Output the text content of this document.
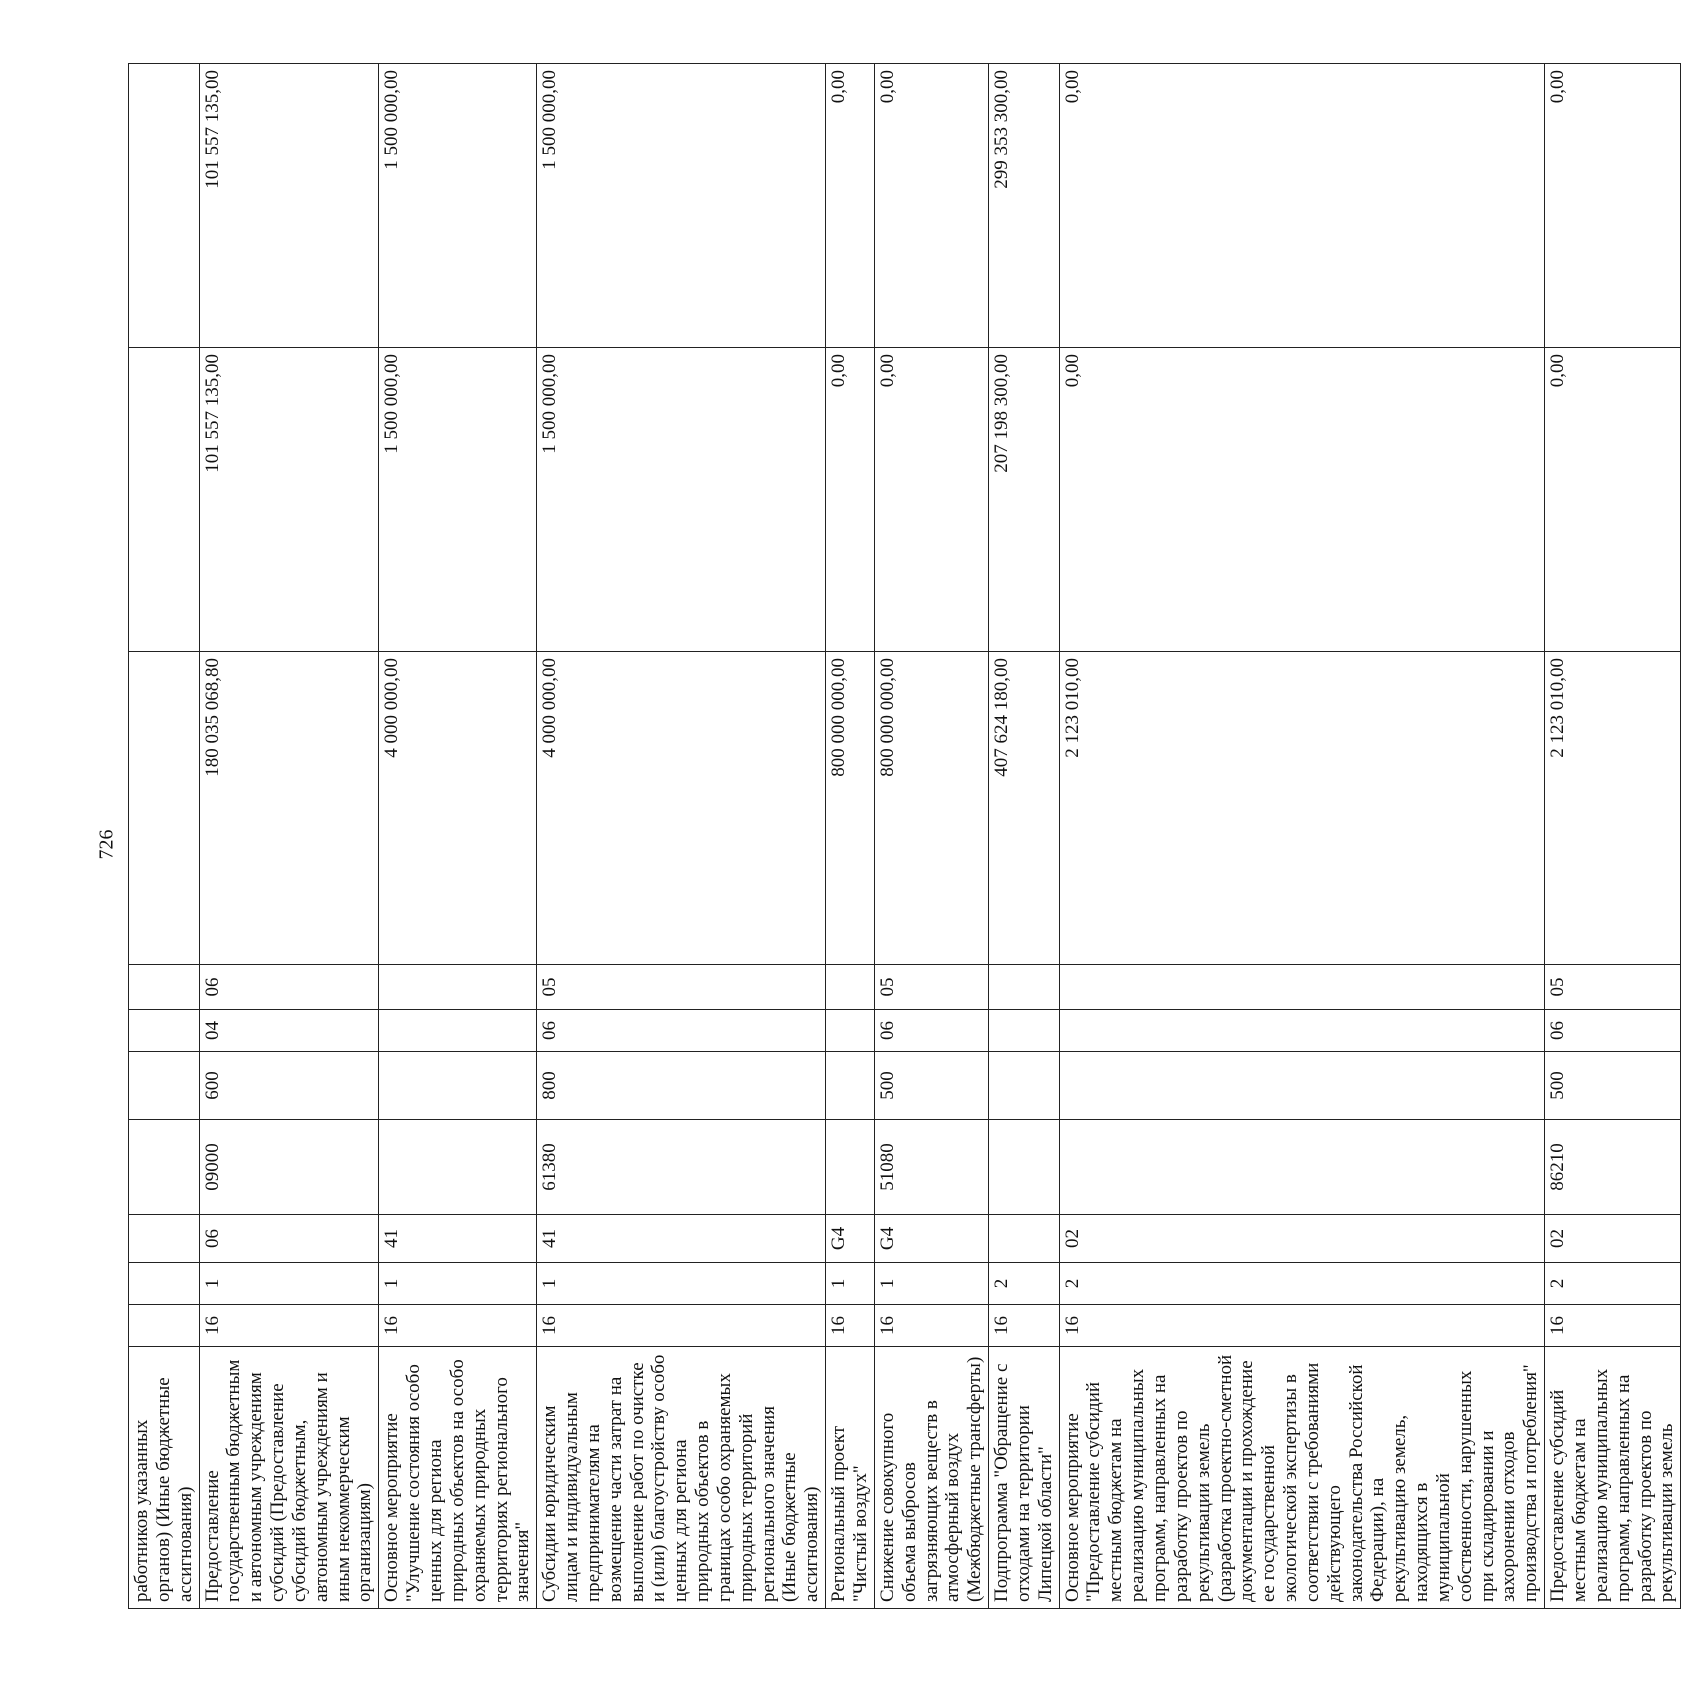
726
работников указанных органов) (Иные бюджетные ассигнования)										
Предоставление государственным бюджетным и автономным учреждениям субсидий (Предоставление субсидий бюджетным, автономным учреждениям и иным некоммерческим организациям)	16	1	06	09000	600	04	06	180 035 068,80	101 557 135,00	101 557 135,00
Основное мероприятие "Улучшение состояния особо ценных для региона природных объектов на особо охраняемых природных территориях регионального значения"	16	1	41					4 000 000,00	1 500 000,00	1 500 000,00
Субсидии юридическим лицам и индивидуальным предпринимателям на возмещение части затрат на выполнение работ по очистке и (или) благоустройству особо ценных для региона природных объектов в границах особо охраняемых природных территорий регионального значения (Иные бюджетные ассигнования)	16	1	41	61380	800	06	05	4 000 000,00	1 500 000,00	1 500 000,00
Региональный проект "Чистый воздух"	16	1	G4					800 000 000,00	0,00	0,00
Снижение совокупного объема выбросов загрязняющих веществ в атмосферный воздух (Межбюджетные трансферты)	16	1	G4	51080	500	06	05	800 000 000,00	0,00	0,00
Подпрограмма "Обращение с отходами на территории Липецкой области"	16	2						407 624 180,00	207 198 300,00	299 353 300,00
Основное мероприятие "Предоставление субсидий местным бюджетам на реализацию муниципальных программ, направленных на разработку проектов по рекультивации земель (разработка проектно-сметной документации и прохождение ее государственной экологической экспертизы в соответствии с требованиями действующего законодательства Российской Федерации), на рекультивацию земель, находящихся в муниципальной собственности, нарушенных при складировании и захоронении отходов производства и потребления"	16	2	02					2 123 010,00	0,00	0,00
Предоставление субсидий местным бюджетам на реализацию муниципальных программ, направленных на разработку проектов по рекультивации земель	16	2	02	86210	500	06	05	2 123 010,00	0,00	0,00
